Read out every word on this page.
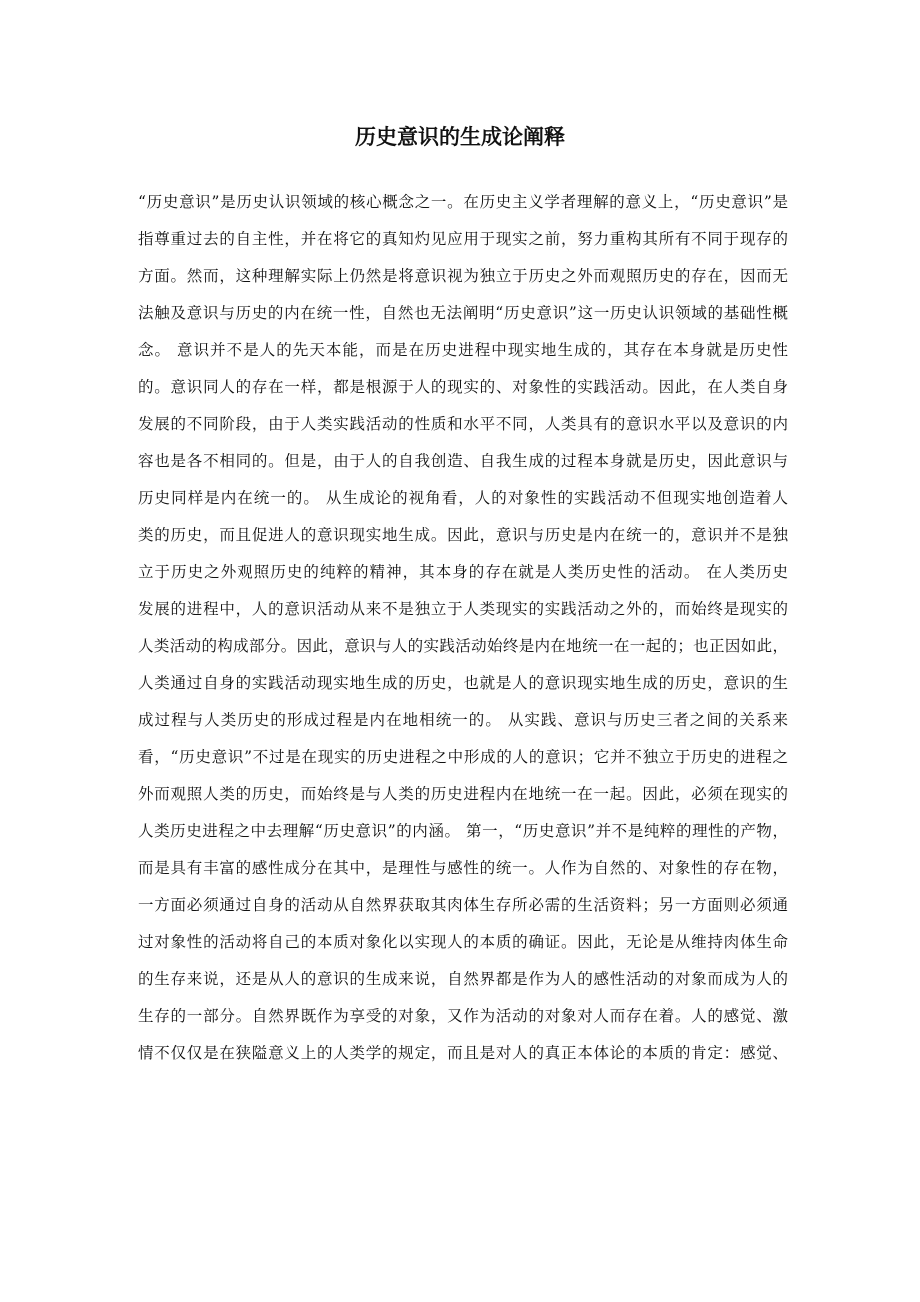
历史意识的生成论阐释
“历史意识”是历史认识领域的核心概念之一。在历史主义学者理解的意义上，“历史意识”是
指尊重过去的自主性，并在将它的真知灼见应用于现实之前，努力重构其所有不同于现存的
方面。然而，这种理解实际上仍然是将意识视为独立于历史之外而观照历史的存在，因而无
法触及意识与历史的内在统一性，自然也无法阐明“历史意识”这一历史认识领域的基础性概
念。 意识并不是人的先天本能，而是在历史进程中现实地生成的，其存在本身就是历史性
的。意识同人的存在一样，都是根源于人的现实的、对象性的实践活动。因此，在人类自身
发展的不同阶段，由于人类实践活动的性质和水平不同，人类具有的意识水平以及意识的内
容也是各不相同的。但是，由于人的自我创造、自我生成的过程本身就是历史，因此意识与
历史同样是内在统一的。 从生成论的视角看，人的对象性的实践活动不但现实地创造着人
类的历史，而且促进人的意识现实地生成。因此，意识与历史是内在统一的，意识并不是独
立于历史之外观照历史的纯粹的精神，其本身的存在就是人类历史性的活动。 在人类历史
发展的进程中，人的意识活动从来不是独立于人类现实的实践活动之外的，而始终是现实的
人类活动的构成部分。因此，意识与人的实践活动始终是内在地统一在一起的；也正因如此，
人类通过自身的实践活动现实地生成的历史，也就是人的意识现实地生成的历史，意识的生
成过程与人类历史的形成过程是内在地相统一的。 从实践、意识与历史三者之间的关系来
看，“历史意识”不过是在现实的历史进程之中形成的人的意识；它并不独立于历史的进程之
外而观照人类的历史，而始终是与人类的历史进程内在地统一在一起。因此，必须在现实的
人类历史进程之中去理解“历史意识”的内涵。 第一，“历史意识”并不是纯粹的理性的产物，
而是具有丰富的感性成分在其中，是理性与感性的统一。人作为自然的、对象性的存在物，
一方面必须通过自身的活动从自然界获取其肉体生存所必需的生活资料；另一方面则必须通
过对象性的活动将自己的本质对象化以实现人的本质的确证。因此，无论是从维持肉体生命
的生存来说，还是从人的意识的生成来说，自然界都是作为人的感性活动的对象而成为人的
生存的一部分。自然界既作为享受的对象，又作为活动的对象对人而存在着。人的感觉、激
情不仅仅是在狭隘意义上的人类学的规定，而且是对人的真正本体论的本质的肯定：感觉、
